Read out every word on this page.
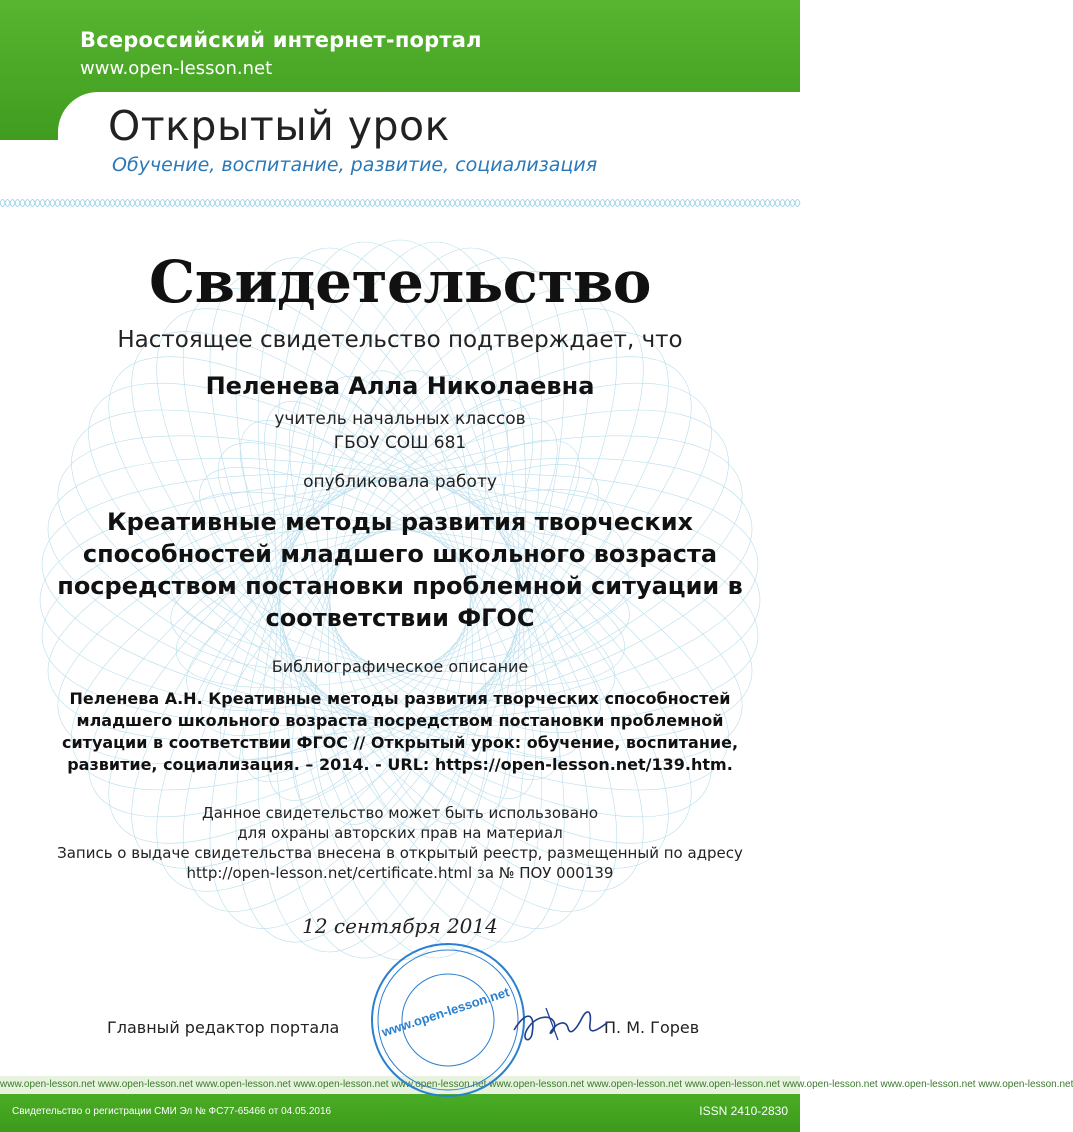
Всероссийский интернет-портал
www.open-lesson.net
Открытый урок
Обучение, воспитание, развитие, социализация
Свидетельство
Настоящее свидетельство подтверждает, что
Пеленева Алла Николаевна
учитель начальных классов
ГБОУ СОШ 681
опубликовала работу
Креативные методы развития творческих
способностей младшего школьного возраста
посредством постановки проблемной ситуации в
соответствии ФГОС
Библиографическое описание
Пеленева А.Н. Креативные методы развития творческих способностей
младшего школьного возраста посредством постановки проблемной
ситуации в соответствии ФГОС // Открытый урок: обучение, воспитание,
развитие, социализация. – 2014. - URL: https://open-lesson.net/139.htm.
Данное свидетельство может быть использовано
для охраны авторских прав на материал
Запись о выдаче свидетельства внесена в открытый реестр, размещенный по адресу
http://open-lesson.net/certificate.html за № ПОУ 000139
12 сентября 2014
Главный редактор портала	П. М. Горев
www.open-lesson.net
www.open-lesson.net www.open-lesson.net www.open-lesson.net www.open-lesson.net www.open-lesson.net www.open-lesson.net www.open-lesson.net www.open-lesson.net www.open-lesson.net www.open-lesson.net www.open-lesson.net
Свидетельство о регистрации СМИ Эл № ФС77-65466 от 04.05.2016	ISSN 2410-2830
